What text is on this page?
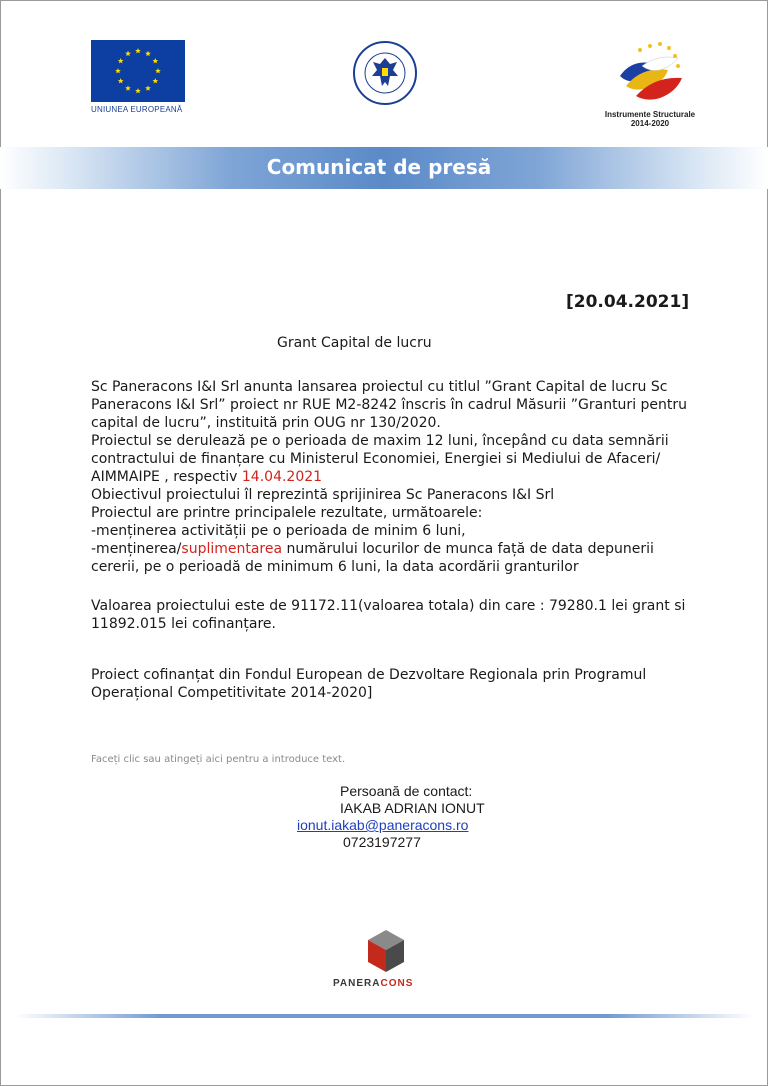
UNIUNEA EUROPEANĂ
Instrumente Structurale
2014-2020
Comunicat de presă
[20.04.2021]
Grant Capital de lucru

Sc Paneracons I&I Srl anunta lansarea proiectul cu titlul ”Grant Capital de lucru Sc Paneracons I&I Srl” proiect nr RUE M2-8242 înscris în cadrul Măsurii ”Granturi pentru capital de lucru”, instituită prin OUG nr 130/2020.

Proiectul se derulează pe o perioada de maxim 12 luni, începând cu data semnării contractului de finanțare cu Ministerul Economiei, Energiei si Mediului de Afaceri/ AIMMAIPE , respectiv 14.04.2021

Obiectivul proiectului îl reprezintă sprijinirea Sc Paneracons I&I Srl

Proiectul are printre principalele rezultate, următoarele:

-menținerea activității pe o perioada de minim 6 luni,

-menținerea/suplimentarea numărului locurilor de munca față de data depunerii cererii, pe o perioadă de minimum 6 luni, la data acordării granturilor

Valoarea proiectului este de 91172.11(valoarea totala) din care : 79280.1 lei grant si 11892.015 lei cofinanțare.
Proiect cofinanțat din Fondul European de Dezvoltare Regionala prin Programul Operațional Competitivitate 2014-2020]
Faceți clic sau atingeți aici pentru a introduce text.
Persoană de contact:
IAKAB ADRIAN IONUT
ionut.iakab@paneracons.ro
0723197277
PANERACONS
